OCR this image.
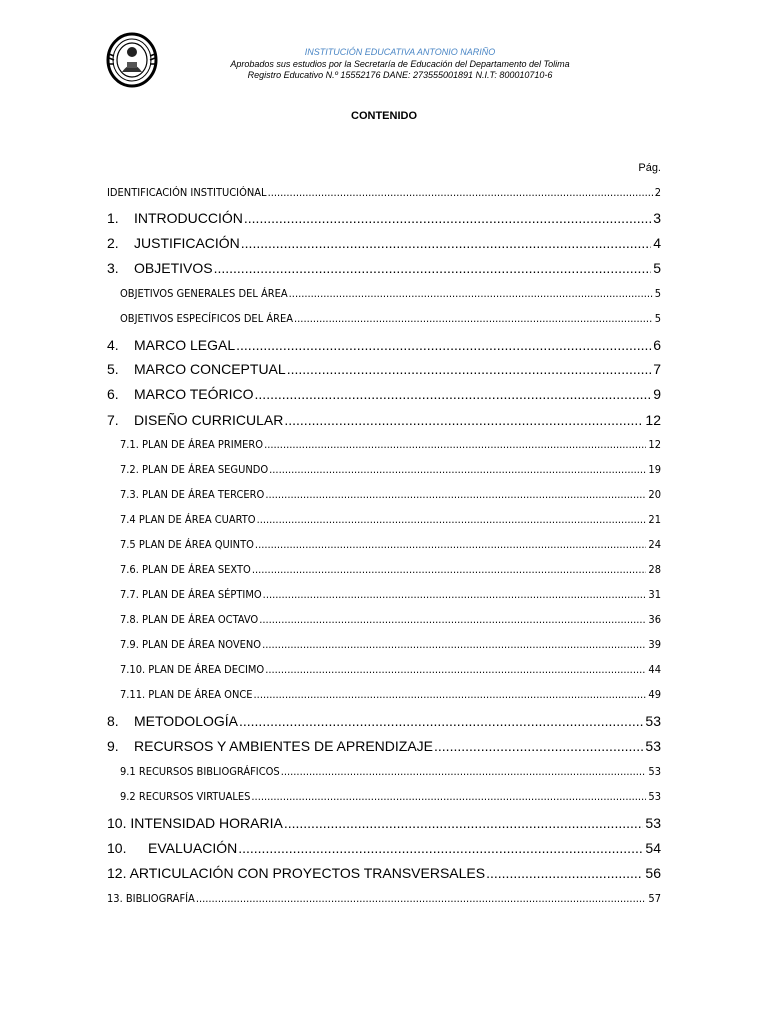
INSTITUCIÓN EDUCATIVA ANTONIO NARIÑO
Aprobados sus estudios por la Secretaría de Educación del Departamento del Tolima
Registro Educativo N.º 15552176 DANE: 273555001891 N.I.T: 800010710-6
CONTENIDO
Pág.
IDENTIFICACIÓN INSTITUCIÓNAL .....	2
1.	INTRODUCCIÓN .....	3
2.	JUSTIFICACIÓN .....	4
3.	OBJETIVOS .....	5
OBJETIVOS GENERALES DEL ÁREA .....	5
OBJETIVOS ESPECÍFICOS DEL ÁREA .....	5
4.	MARCO LEGAL .....	6
5.	MARCO CONCEPTUAL .....	7
6.	MARCO TEÓRICO .....	9
7.	DISEÑO CURRICULAR .....	12
7.1. PLAN DE ÁREA PRIMERO .....	12
7.2. PLAN DE ÁREA SEGUNDO .....	19
7.3. PLAN DE ÁREA TERCERO .....	20
7.4 PLAN DE ÁREA CUARTO .....	21
7.5 PLAN DE ÁREA QUINTO .....	24
7.6. PLAN DE ÁREA SEXTO .....	28
7.7. PLAN DE ÁREA SÉPTIMO .....	31
7.8. PLAN DE ÁREA OCTAVO .....	36
7.9. PLAN DE ÁREA NOVENO .....	39
7.10. PLAN DE ÁREA DECIMO .....	44
7.11. PLAN DE ÁREA ONCE .....	49
8.	METODOLOGÍA .....	53
9.	RECURSOS Y AMBIENTES DE APRENDIZAJE .....	53
9.1 RECURSOS BIBLIOGRÁFICOS .....	53
9.2 RECURSOS VIRTUALES .....	53
10. INTENSIDAD HORARIA .....	53
10.	EVALUACIÓN .....	54
12. ARTICULACIÓN CON PROYECTOS TRANSVERSALES .....	56
13. BIBLIOGRAFÍA .....	57
